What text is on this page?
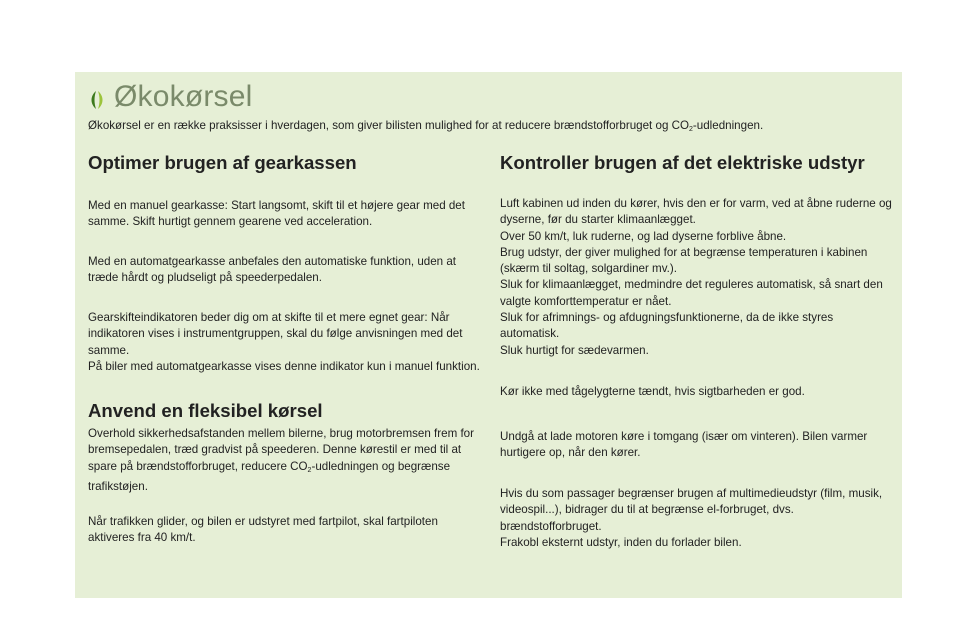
Økokørsel

Økokørsel er en række praksisser i hverdagen, som giver bilisten mulighed for at reducere brændstofforbruget og $CO_2$-udledningen.

Optimer brugen af gearkassen

Med en manuel gearkasse: Start langsomt, skift til et højere gear med det samme. Skift hurtigt gennem gearene ved acceleration.

Med en automatgearkasse anbefales den automatiske funktion, uden at træde hårdt og pludseligt på speederpedalen.

Gearskifteindikatoren beder dig om at skifte til et mere egnet gear: Når indikatoren vises i instrumentgruppen, skal du følge anvisningen med det samme.

På biler med automatgearkasse vises denne indikator kun i manuel funktion.

Anvend en fleksibel kørsel

Overhold sikkerhedsafstanden mellem bilerne, brug motorbremsen frem for bremsepedalen, træd gradvist på speederen. Denne kørestil er med til at spare på brændstofforbruget, reducere $CO_2$-udledningen og begrænse trafikstøjen.

Når trafikken glider, og bilen er udstyret med fartpilot, skal fartpiloten aktiveres fra 40 km/t.

Kontroller brugen af det elektriske udstyr

Luft kabinen ud inden du kører, hvis den er for varm, ved at åbne ruderne og dyserne, før du starter klimaanlægget.

Over 50 km/t, luk ruderne, og lad dyserne forblive åbne.

Brug udstyr, der giver mulighed for at begrænse temperaturen i kabinen (skærm til soltag, solgardiner mv.).

Sluk for klimaanlægget, medmindre det reguleres automatisk, så snart den valgte komforttemperatur er nået.

Sluk for afrimnings- og afdugningsfunktionerne, da de ikke styres automatisk.

Sluk hurtigt for sædevarmen.

Kør ikke med tågelygterne tændt, hvis sigtbarheden er god.

Undgå at lade motoren køre i tomgang (især om vinteren). Bilen varmer hurtigere op, når den kører.

Hvis du som passager begrænser brugen af multimedieudstyr (film, musik, videospil...), bidrager du til at begrænse el-forbruget, dvs. brændstofforbruget.

Frakobl eksternt udstyr, inden du forlader bilen.
